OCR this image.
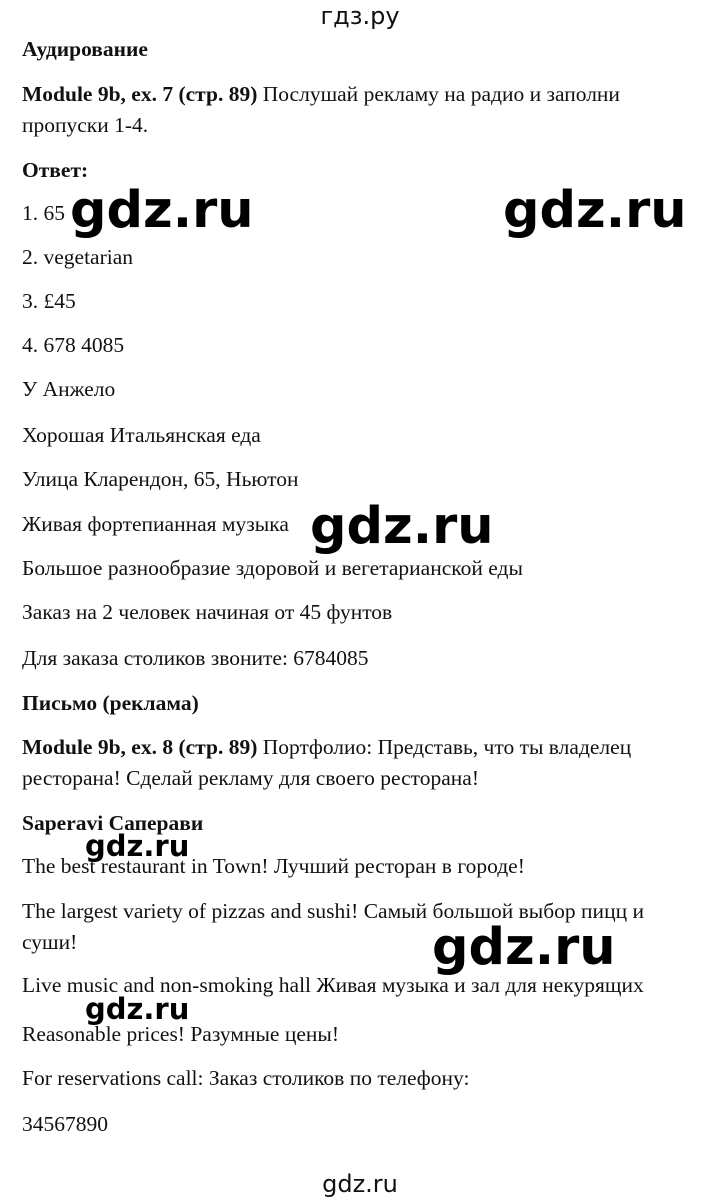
гдз.ру
Аудирование
Module 9b, ex. 7 (стр. 89) Послушай рекламу на радио и заполни
пропуски 1-4.
Ответ:
1. 65
2. vegetarian
3. £45
4. 678 4085
У Анжело
Хорошая Итальянская еда
Улица Кларендон, 65, Ньютон
Живая фортепианная музыка
Большое разнообразие здоровой и вегетарианской еды
Заказ на 2 человек начиная от 45 фунтов
Для заказа столиков звоните: 6784085
Письмо (реклама)
Module 9b, ex. 8 (стр. 89) Портфолио: Представь, что ты владелец
ресторана! Сделай рекламу для своего ресторана!
Saperavi Саперави
The best restaurant in Town! Лучший ресторан в городе!
The largest variety of pizzas and sushi! Самый большой выбор пицц и
суши!
Live music and non-smoking hall Живая музыка и зал для некурящих
Reasonable prices! Разумные цены!
For reservations call: Заказ столиков по телефону:
34567890
gdz.ru	gdz.ru
gdz.ru
gdz.ru
gdz.ru
gdz.ru
gdz.ru
